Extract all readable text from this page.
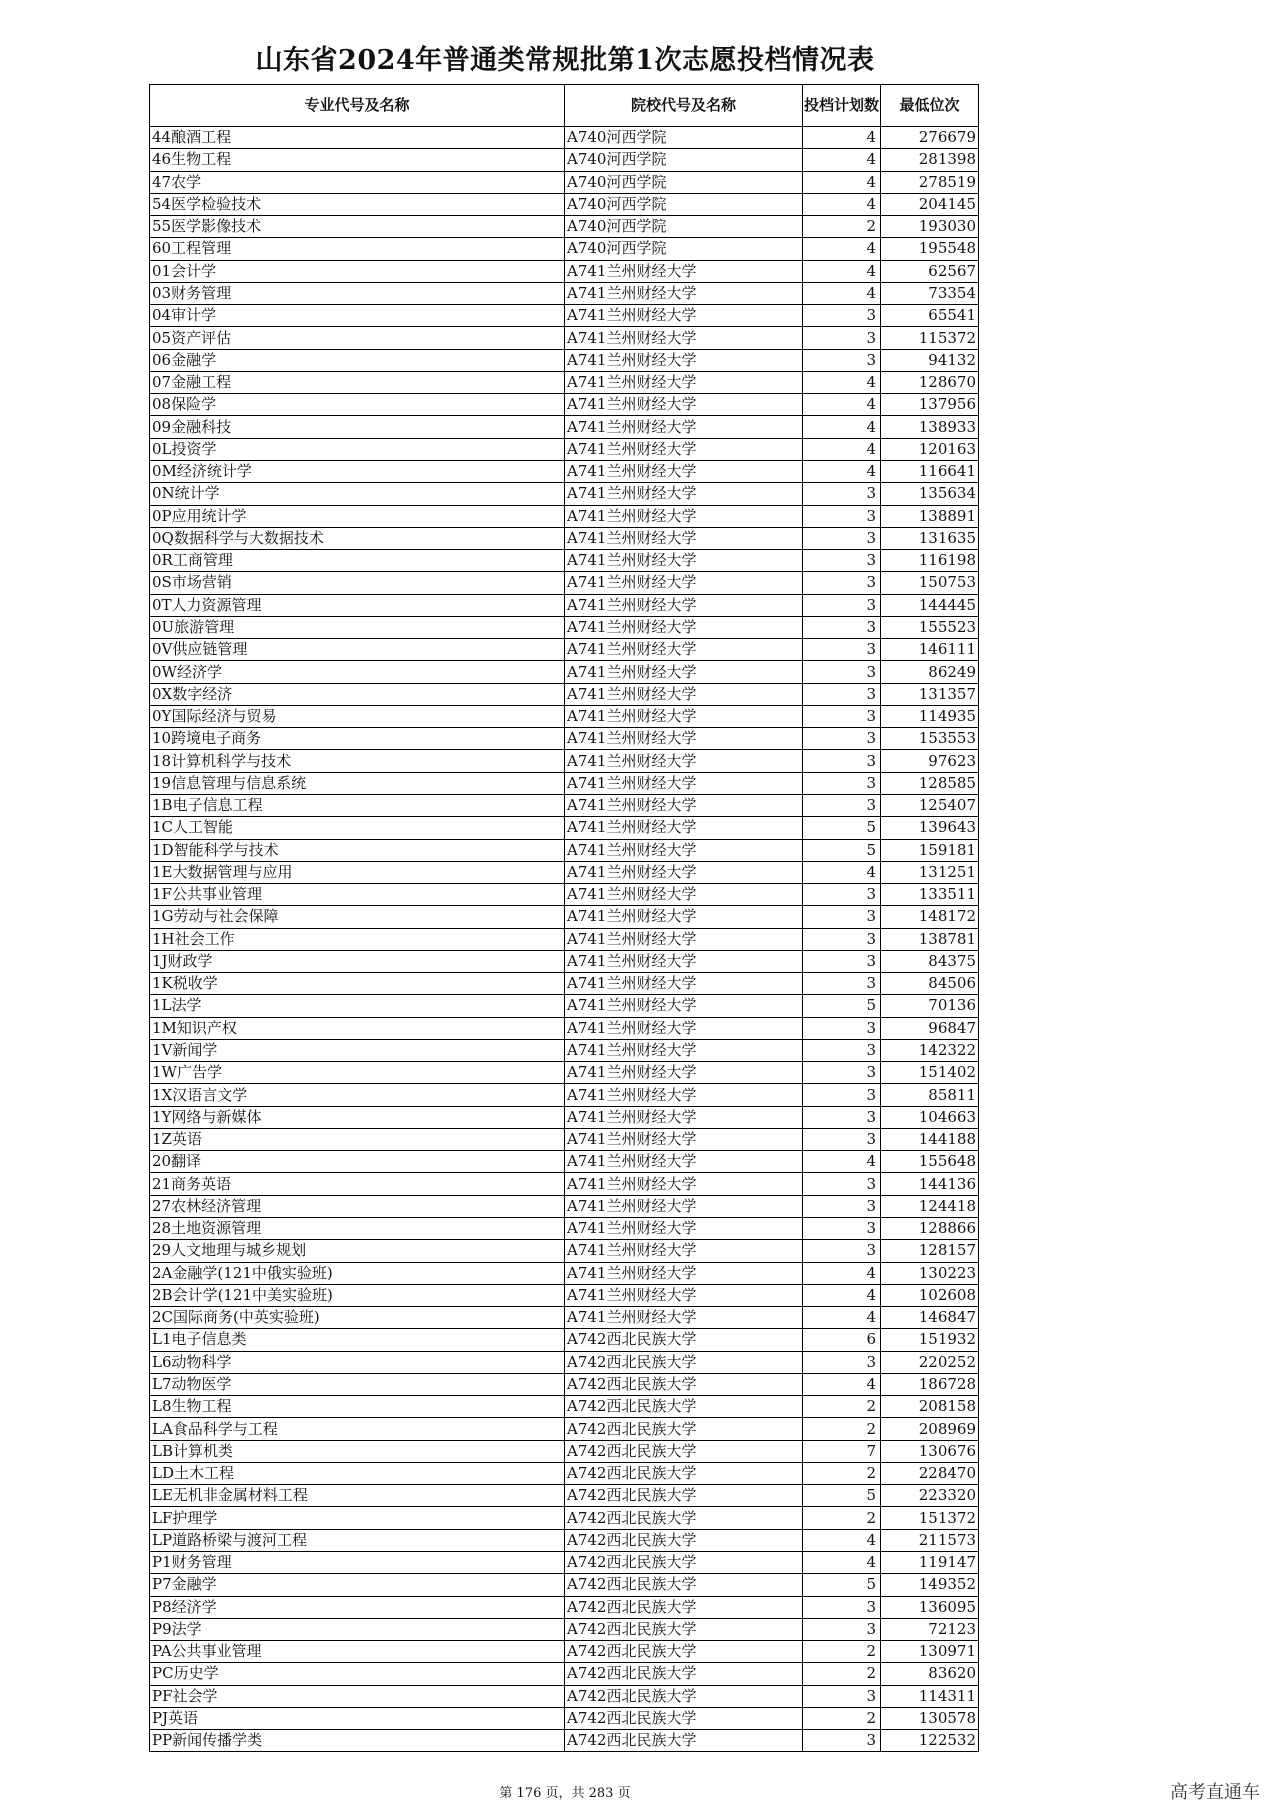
山东省2024年普通类常规批第1次志愿投档情况表
专业代号及名称	院校代号及名称	投档计划数	最低位次
44酿酒工程	A740河西学院	4	276679
46生物工程	A740河西学院	4	281398
47农学	A740河西学院	4	278519
54医学检验技术	A740河西学院	4	204145
55医学影像技术	A740河西学院	2	193030
60工程管理	A740河西学院	4	195548
01会计学	A741兰州财经大学	4	62567
03财务管理	A741兰州财经大学	4	73354
04审计学	A741兰州财经大学	3	65541
05资产评估	A741兰州财经大学	3	115372
06金融学	A741兰州财经大学	3	94132
07金融工程	A741兰州财经大学	4	128670
08保险学	A741兰州财经大学	4	137956
09金融科技	A741兰州财经大学	4	138933
0L投资学	A741兰州财经大学	4	120163
0M经济统计学	A741兰州财经大学	4	116641
0N统计学	A741兰州财经大学	3	135634
0P应用统计学	A741兰州财经大学	3	138891
0Q数据科学与大数据技术	A741兰州财经大学	3	131635
0R工商管理	A741兰州财经大学	3	116198
0S市场营销	A741兰州财经大学	3	150753
0T人力资源管理	A741兰州财经大学	3	144445
0U旅游管理	A741兰州财经大学	3	155523
0V供应链管理	A741兰州财经大学	3	146111
0W经济学	A741兰州财经大学	3	86249
0X数字经济	A741兰州财经大学	3	131357
0Y国际经济与贸易	A741兰州财经大学	3	114935
10跨境电子商务	A741兰州财经大学	3	153553
18计算机科学与技术	A741兰州财经大学	3	97623
19信息管理与信息系统	A741兰州财经大学	3	128585
1B电子信息工程	A741兰州财经大学	3	125407
1C人工智能	A741兰州财经大学	5	139643
1D智能科学与技术	A741兰州财经大学	5	159181
1E大数据管理与应用	A741兰州财经大学	4	131251
1F公共事业管理	A741兰州财经大学	3	133511
1G劳动与社会保障	A741兰州财经大学	3	148172
1H社会工作	A741兰州财经大学	3	138781
1J财政学	A741兰州财经大学	3	84375
1K税收学	A741兰州财经大学	3	84506
1L法学	A741兰州财经大学	5	70136
1M知识产权	A741兰州财经大学	3	96847
1V新闻学	A741兰州财经大学	3	142322
1W广告学	A741兰州财经大学	3	151402
1X汉语言文学	A741兰州财经大学	3	85811
1Y网络与新媒体	A741兰州财经大学	3	104663
1Z英语	A741兰州财经大学	3	144188
20翻译	A741兰州财经大学	4	155648
21商务英语	A741兰州财经大学	3	144136
27农林经济管理	A741兰州财经大学	3	124418
28土地资源管理	A741兰州财经大学	3	128866
29人文地理与城乡规划	A741兰州财经大学	3	128157
2A金融学(121中俄实验班)	A741兰州财经大学	4	130223
2B会计学(121中美实验班)	A741兰州财经大学	4	102608
2C国际商务(中英实验班)	A741兰州财经大学	4	146847
L1电子信息类	A742西北民族大学	6	151932
L6动物科学	A742西北民族大学	3	220252
L7动物医学	A742西北民族大学	4	186728
L8生物工程	A742西北民族大学	2	208158
LA食品科学与工程	A742西北民族大学	2	208969
LB计算机类	A742西北民族大学	7	130676
LD土木工程	A742西北民族大学	2	228470
LE无机非金属材料工程	A742西北民族大学	5	223320
LF护理学	A742西北民族大学	2	151372
LP道路桥梁与渡河工程	A742西北民族大学	4	211573
P1财务管理	A742西北民族大学	4	119147
P7金融学	A742西北民族大学	5	149352
P8经济学	A742西北民族大学	3	136095
P9法学	A742西北民族大学	3	72123
PA公共事业管理	A742西北民族大学	2	130971
PC历史学	A742西北民族大学	2	83620
PF社会学	A742西北民族大学	3	114311
PJ英语	A742西北民族大学	2	130578
PP新闻传播学类	A742西北民族大学	3	122532
第 176 页，共 283 页	高考直通车
